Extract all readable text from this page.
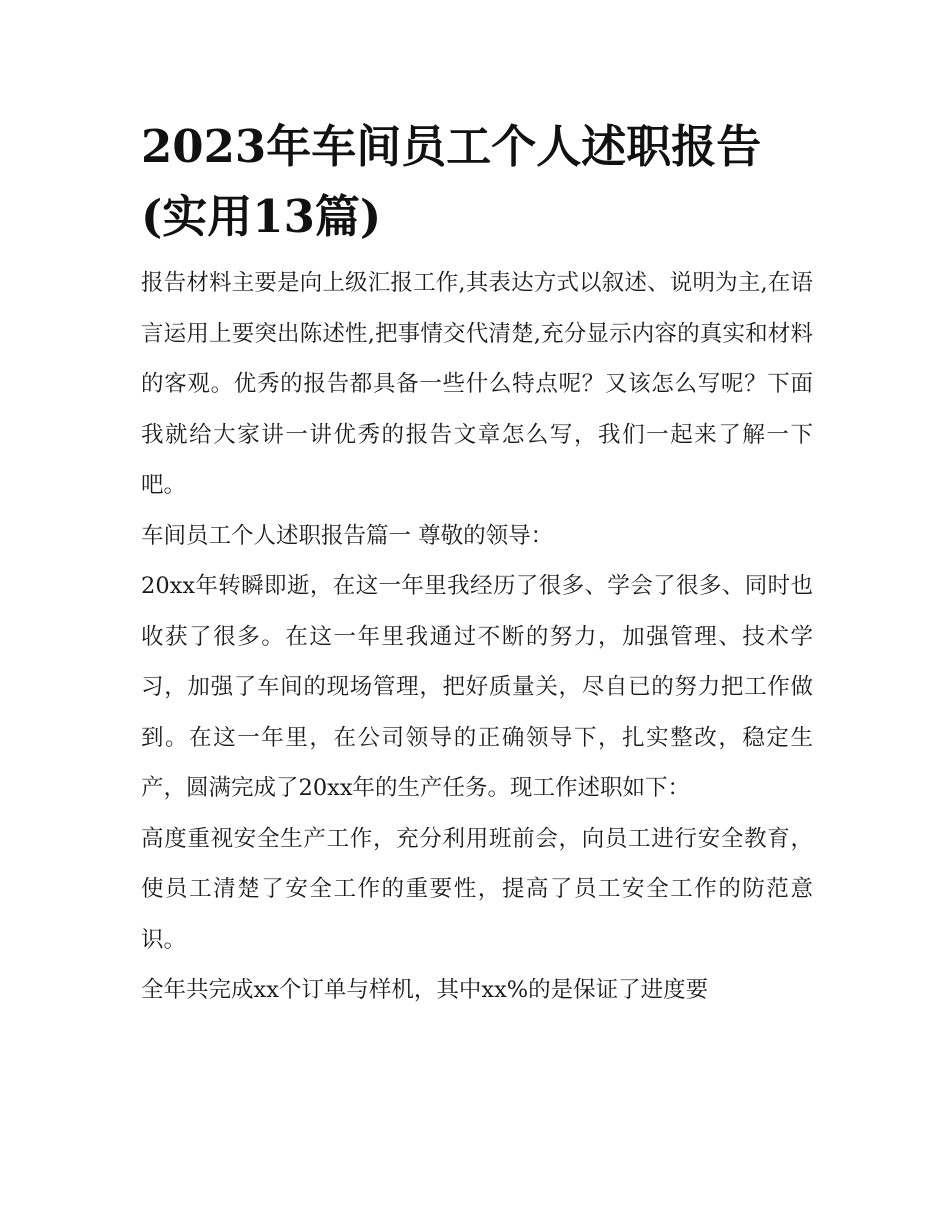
2023年车间员工个人述职报告(实用13篇)

报告材料主要是向上级汇报工作,其表达方式以叙述、说明为主,在语言运用上要突出陈述性,把事情交代清楚,充分显示内容的真实和材料的客观。优秀的报告都具备一些什么特点呢？又该怎么写呢？下面我就给大家讲一讲优秀的报告文章怎么写，我们一起来了解一下吧。

车间员工个人述职报告篇一 尊敬的领导：

20xx年转瞬即逝，在这一年里我经历了很多、学会了很多、同时也收获了很多。在这一年里我通过不断的努力，加强管理、技术学习，加强了车间的现场管理，把好质量关，尽自已的努力把工作做到。在这一年里，在公司领导的正确领导下，扎实整改，稳定生产，圆满完成了20xx年的生产任务。现工作述职如下：

高度重视安全生产工作，充分利用班前会，向员工进行安全教育，使员工清楚了安全工作的重要性，提高了员工安全工作的防范意识。

全年共完成xx个订单与样机，其中xx%的是保证了进度要
